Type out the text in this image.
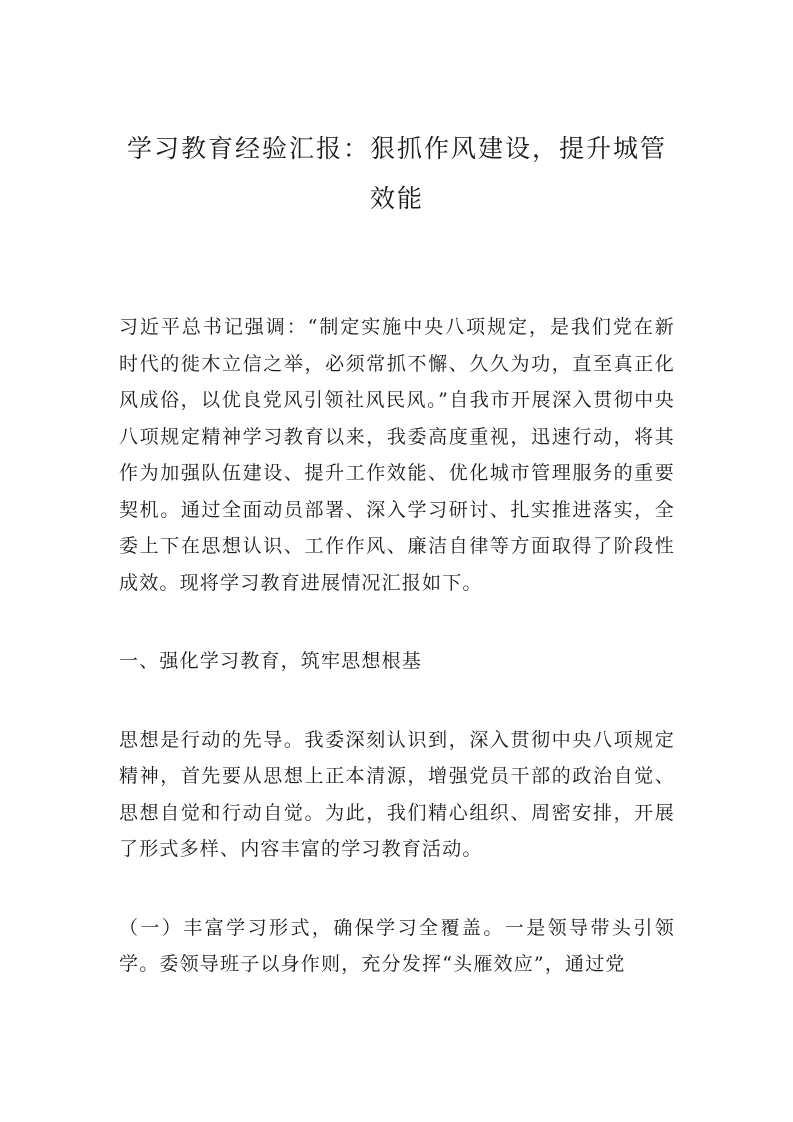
学习教育经验汇报：狠抓作风建设，提升城管效能

习近平总书记强调：“制定实施中央八项规定，是我们党在新时代的徙木立信之举，必须常抓不懈、久久为功，直至真正化风成俗，以优良党风引领社风民风。”自我市开展深入贯彻中央八项规定精神学习教育以来，我委高度重视，迅速行动，将其作为加强队伍建设、提升工作效能、优化城市管理服务的重要契机。通过全面动员部署、深入学习研讨、扎实推进落实，全委上下在思想认识、工作作风、廉洁自律等方面取得了阶段性成效。现将学习教育进展情况汇报如下。

一、强化学习教育，筑牢思想根基

思想是行动的先导。我委深刻认识到，深入贯彻中央八项规定精神，首先要从思想上正本清源，增强党员干部的政治自觉、思想自觉和行动自觉。为此，我们精心组织、周密安排，开展了形式多样、内容丰富的学习教育活动。

（一）丰富学习形式，确保学习全覆盖。一是领导带头引领学。委领导班子以身作则，充分发挥“头雁效应”，通过党
